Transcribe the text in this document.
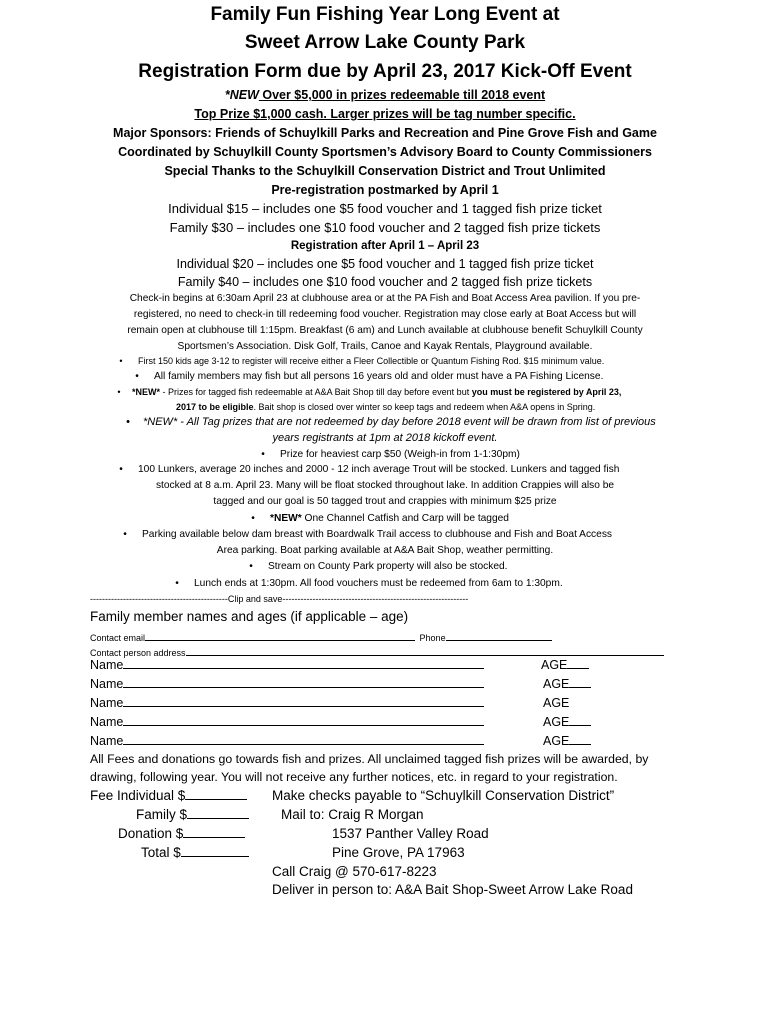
Family Fun Fishing Year Long Event at
Sweet Arrow Lake County Park
Registration Form due by April 23, 2017 Kick-Off Event
*NEW Over $5,000 in prizes redeemable till 2018 event
Top Prize $1,000 cash. Larger prizes will be tag number specific.
Major Sponsors: Friends of Schuylkill Parks and Recreation and Pine Grove Fish and Game
Coordinated by Schuylkill County Sportsmen’s Advisory Board to County Commissioners
Special Thanks to the Schuylkill Conservation District and Trout Unlimited
Pre-registration postmarked by April 1
Individual $15 – includes one $5 food voucher and 1 tagged fish prize ticket
Family $30 – includes one $10 food voucher and 2 tagged fish prize tickets
Registration after April 1 – April 23
Individual $20 – includes one $5 food voucher and 1 tagged fish prize ticket
Family $40 – includes one $10 food voucher and 2 tagged fish prize tickets
Check-in begins at 6:30am April 23 at clubhouse area or at the PA Fish and Boat Access Area pavilion. If you pre-
registered, no need to check-in till redeeming food voucher. Registration may close early at Boat Access but will
remain open at clubhouse till 1:15pm. Breakfast (6 am) and Lunch available at clubhouse benefit Schuylkill County
Sportsmen’s Association. Disk Golf, Trails, Canoe and Kayak Rentals, Playground available.
• First 150 kids age 3-12 to register will receive either a Fleer Collectible or Quantum Fishing Rod. $15 minimum value.
• All family members may fish but all persons 16 years old and older must have a PA Fishing License.
• *NEW* - Prizes for tagged fish redeemable at A&A Bait Shop till day before event but you must be registered by April 23,
2017 to be eligible. Bait shop is closed over winter so keep tags and redeem when A&A opens in Spring.
• *NEW* - All Tag prizes that are not redeemed by day before 2018 event will be drawn from list of previous
years registrants at 1pm at 2018 kickoff event.
• Prize for heaviest carp $50 (Weigh-in from 1-1:30pm)
• 100 Lunkers, average 20 inches and 2000 - 12 inch average Trout will be stocked. Lunkers and tagged fish
stocked at 8 a.m. April 23. Many will be float stocked throughout lake. In addition Crappies will also be
tagged and our goal is 50 tagged trout and crappies with minimum $25 prize
• *NEW* One Channel Catfish and Carp will be tagged
• Parking available below dam breast with Boardwalk Trail access to clubhouse and Fish and Boat Access
Area parking. Boat parking available at A&A Bait Shop, weather permitting.
• Stream on County Park property will also be stocked.
• Lunch ends at 1:30pm. All food vouchers must be redeemed from 6am to 1:30pm.
----------------------------------------------Clip and save--------------------------------------------------------------
Family member names and ages (if applicable – age)
Contact email	Phone
Contact person address
Name	AGE
Name	AGE
Name	AGE
Name	AGE
Name	AGE
All Fees and donations go towards fish and prizes. All unclaimed tagged fish prizes will be awarded, by
drawing, following year. You will not receive any further notices, etc. in regard to your registration.
Fee Individual $
Family $
Donation $
Total $
Make checks payable to “Schuylkill Conservation District”
Mail to: Craig R Morgan
1537 Panther Valley Road
Pine Grove, PA 17963
Call Craig @ 570-617-8223
Deliver in person to: A&A Bait Shop-Sweet Arrow Lake Road
